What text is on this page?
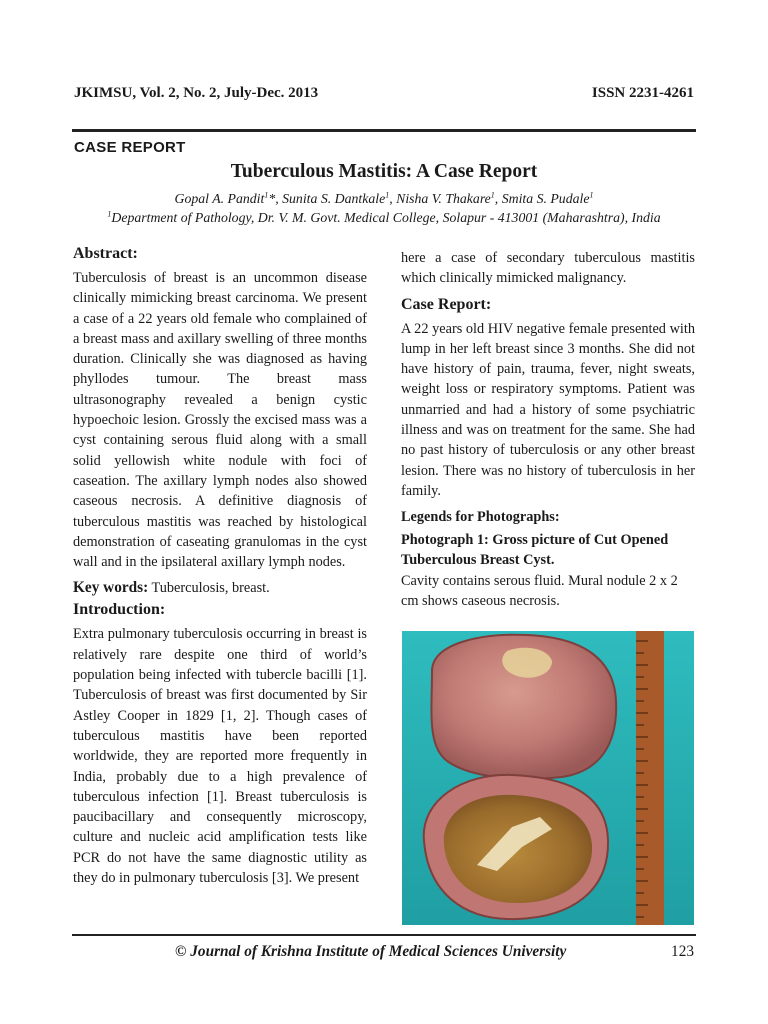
JKIMSU, Vol. 2, No. 2, July-Dec. 2013	ISSN 2231-4261
CASE REPORT
Tuberculous Mastitis: A Case Report
Gopal A. Pandit$^1$*, Sunita S. Dantkale$^1$, Nisha V. Thakare$^1$, Smita S. Pudale$^1$
$^1$Department of Pathology, Dr. V. M. Govt. Medical College, Solapur - 413001 (Maharashtra), India
Abstract:

Tuberculosis of breast is an uncommon disease clinically mimicking breast carcinoma. We present a case of a 22 years old female who complained of a breast mass and axillary swelling of three months duration. Clinically she was diagnosed as having phyllodes tumour. The breast mass ultrasonography revealed a benign cystic hypoechoic lesion. Grossly the excised mass was a cyst containing serous fluid along with a small solid yellowish white nodule with foci of caseation. The axillary lymph nodes also showed caseous necrosis. A definitive diagnosis of tuberculous mastitis was reached by histological demonstration of caseating granulomas in the cyst wall and in the ipsilateral axillary lymph nodes.

Key words: Tuberculosis, breast.
Introduction:

Extra pulmonary tuberculosis occurring in breast is relatively rare despite one third of world’s population being infected with tubercle bacilli [1]. Tuberculosis of breast was first documented by Sir Astley Cooper in 1829 [1, 2]. Though cases of tuberculous mastitis have been reported worldwide, they are reported more frequently in India, probably due to a high prevalence of tuberculous infection [1]. Breast tuberculosis is paucibacillary and consequently microscopy, culture and nucleic acid amplification tests like PCR do not have the same diagnostic utility as they do in pulmonary tuberculosis [3]. We present

here a case of secondary tuberculous mastitis which clinically mimicked malignancy.

Case Report:

A 22 years old HIV negative female presented with lump in her left breast since 3 months. She did not have history of pain, trauma, fever, night sweats, weight loss or respiratory symptoms. Patient was unmarried and had a history of some psychiatric illness and was on treatment for the same. She had no past history of tuberculosis or any other breast lesion. There was no history of tuberculosis in her family.

Legends for Photographs:
Photograph 1: Gross picture of Cut Opened Tuberculous Breast Cyst.

Cavity contains serous fluid. Mural nodule 2 x 2 cm shows caseous necrosis.

© Journal of Krishna Institute of Medical Sciences University	123
